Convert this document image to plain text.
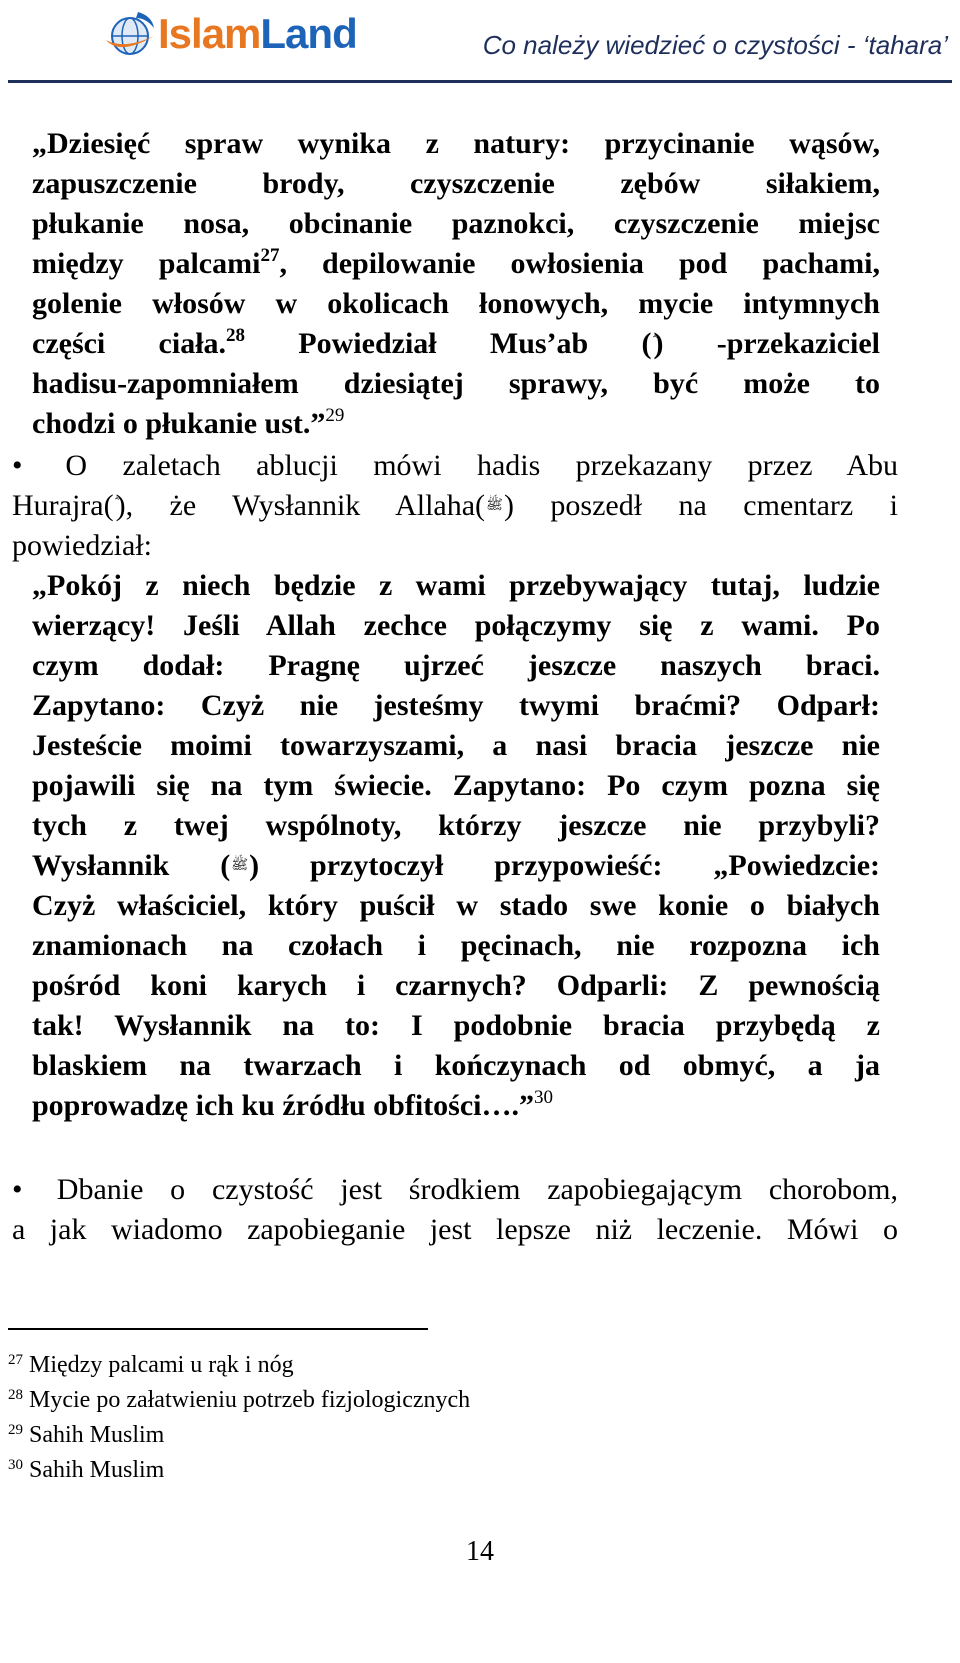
IslamLand	Co należy wiedzieć o czystości - ‘tahara’
„Dziesięć spraw wynika z natury: przycinanie wąsów,
zapuszczenie brody, czyszczenie zębów siłakiem,
płukanie nosa, obcinanie paznokci, czyszczenie miejsc
między palcami$^{27}$, depilowanie owłosienia pod pachami,
golenie włosów w okolicach łonowych, mycie intymnych
części ciała.$^{28}$ Powiedział Mus’ab () -przekaziciel
hadisu-zapomniałem dziesiątej sprawy, być może to
chodzi o płukanie ust.”$^{29}$
• O zaletach ablucji mówi hadis przekazany przez Abu
Hurajra(), że Wysłannik Allaha(ﷺ) poszedł na cmentarz i
powiedział:
„Pokój z niech będzie z wami przebywający tutaj, ludzie
wierzący! Jeśli Allah zechce połączymy się z wami. Po
czym dodał: Pragnę ujrzeć jeszcze naszych braci.
Zapytano: Czyż nie jesteśmy twymi braćmi? Odparł:
Jesteście moimi towarzyszami, a nasi bracia jeszcze nie
pojawili się na tym świecie. Zapytano: Po czym pozna się
tych z twej wspólnoty, którzy jeszcze nie przybyli?
Wysłannik (ﷺ) przytoczył przypowieść: „Powiedzcie:
Czyż właściciel, który puścił w stado swe konie o białych
znamionach na czołach i pęcinach, nie rozpozna ich
pośród koni karych i czarnych? Odparli: Z pewnością
tak! Wysłannik na to: I podobnie bracia przybędą z
blaskiem na twarzach i kończynach od obmyć, a ja
poprowadzę ich ku źródłu obfitości….”$^{30}$
• Dbanie o czystość jest środkiem zapobiegającym chorobom,
a jak wiadomo zapobieganie jest lepsze niż leczenie. Mówi o
$^{27}$ Między palcami u rąk i nóg
$^{28}$ Mycie po załatwieniu potrzeb fizjologicznych
$^{29}$ Sahih Muslim
$^{30}$ Sahih Muslim
14
